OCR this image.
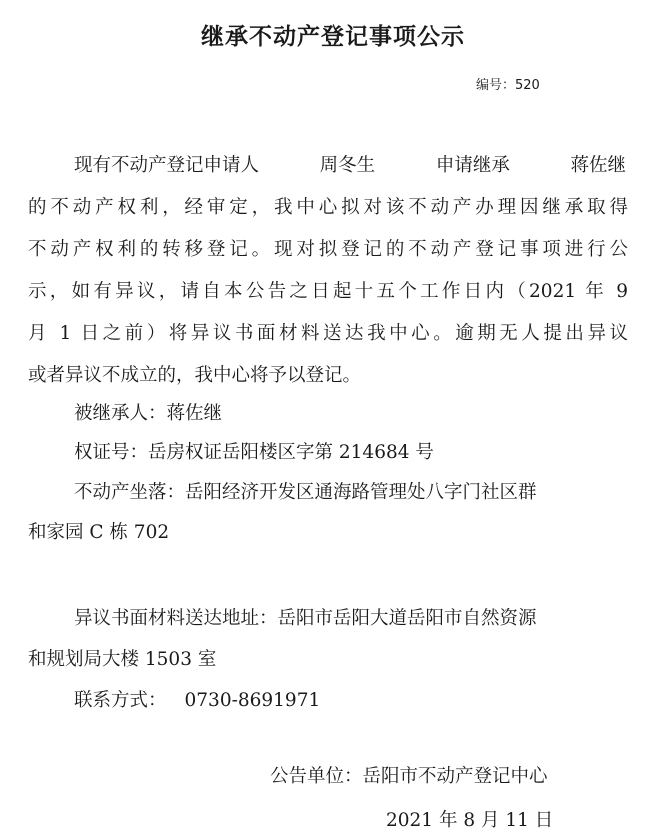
继承不动产登记事项公示
编号：520

现有不动产登记申请人	周冬生	申请继承	蒋佐继

的不动产权利，经审定，我中心拟对该不动产办理因继承取得

不动产权利的转移登记。现对拟登记的不动产登记事项进行公

示，如有异议，请自本公告之日起十五个工作日内（2021 年 9

月 1 日之前）将异议书面材料送达我中心。逾期无人提出异议

或者异议不成立的，我中心将予以登记。

被继承人：蒋佐继

权证号：岳房权证岳阳楼区字第 214684 号

不动产坐落：岳阳经济开发区通海路管理处八字门社区群

和家园 C 栋 702

异议书面材料送达地址：岳阳市岳阳大道岳阳市自然资源

和规划局大楼 1503 室

联系方式： 0730-8691971

公告单位：岳阳市不动产登记中心

2021 年 8 月 11 日
